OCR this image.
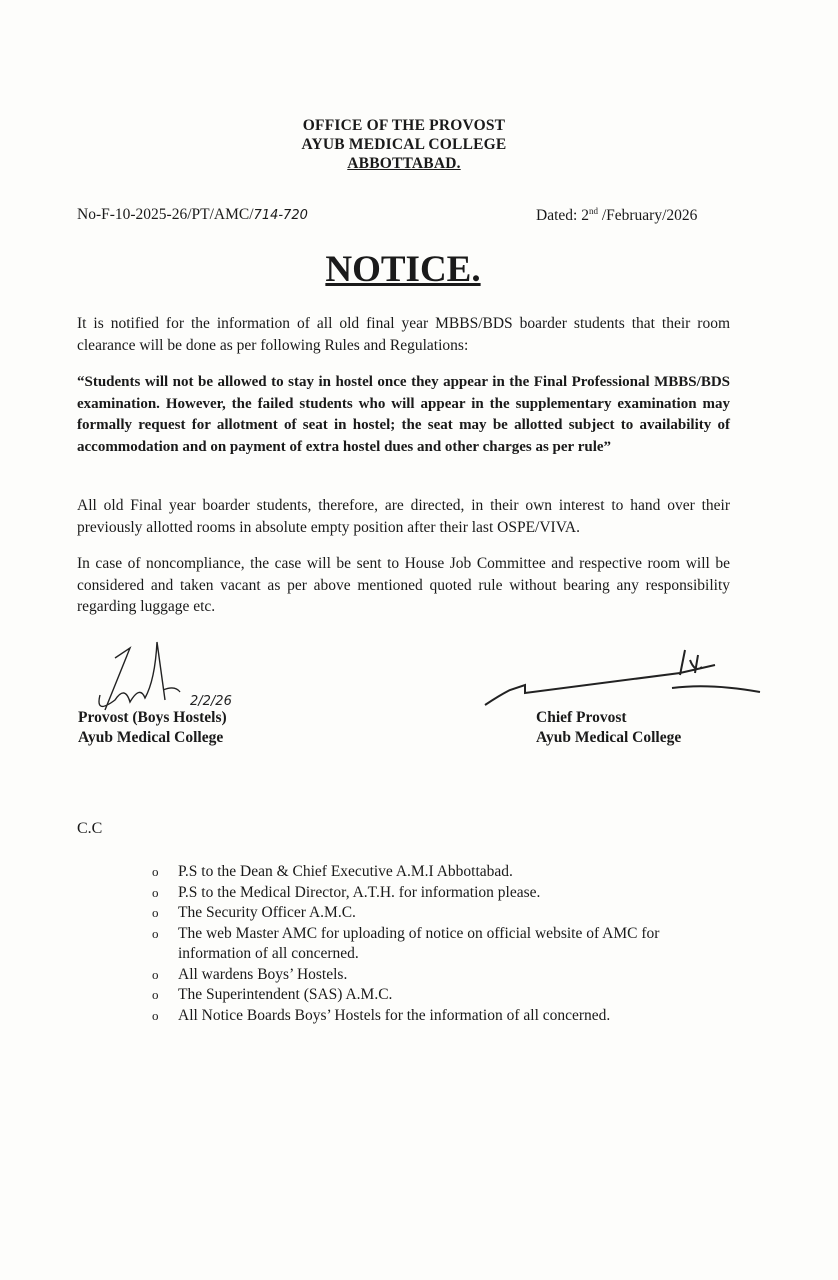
OFFICE OF THE PROVOST
AYUB MEDICAL COLLEGE
ABBOTTABAD.
No-F-10-2025-26/PT/AMC/714-720	Dated: 2nd /February/2026
NOTICE.
It is notified for the information of all old final year MBBS/BDS boarder students that their room clearance will be done as per following Rules and Regulations:
“Students will not be allowed to stay in hostel once they appear in the Final Professional MBBS/BDS examination. However, the failed students who will appear in the supplementary examination may formally request for allotment of seat in hostel; the seat may be allotted subject to availability of accommodation and on payment of extra hostel dues and other charges as per rule”
All old Final year boarder students, therefore, are directed, in their own interest to hand over their previously allotted rooms in absolute empty position after their last OSPE/VIVA.
In case of noncompliance, the case will be sent to House Job Committee and respective room will be considered and taken vacant as per above mentioned quoted rule without bearing any responsibility regarding luggage etc.
2/2/26
Provost (Boys Hostels)
Ayub Medical College
Chief Provost
Ayub Medical College
C.C
o P.S to the Dean & Chief Executive A.M.I Abbottabad.
o P.S to the Medical Director, A.T.H. for information please.
o The Security Officer A.M.C.
o The web Master AMC for uploading of notice on official website of AMC for information of all concerned.
o All wardens Boys’ Hostels.
o The Superintendent (SAS) A.M.C.
o All Notice Boards Boys’ Hostels for the information of all concerned.
